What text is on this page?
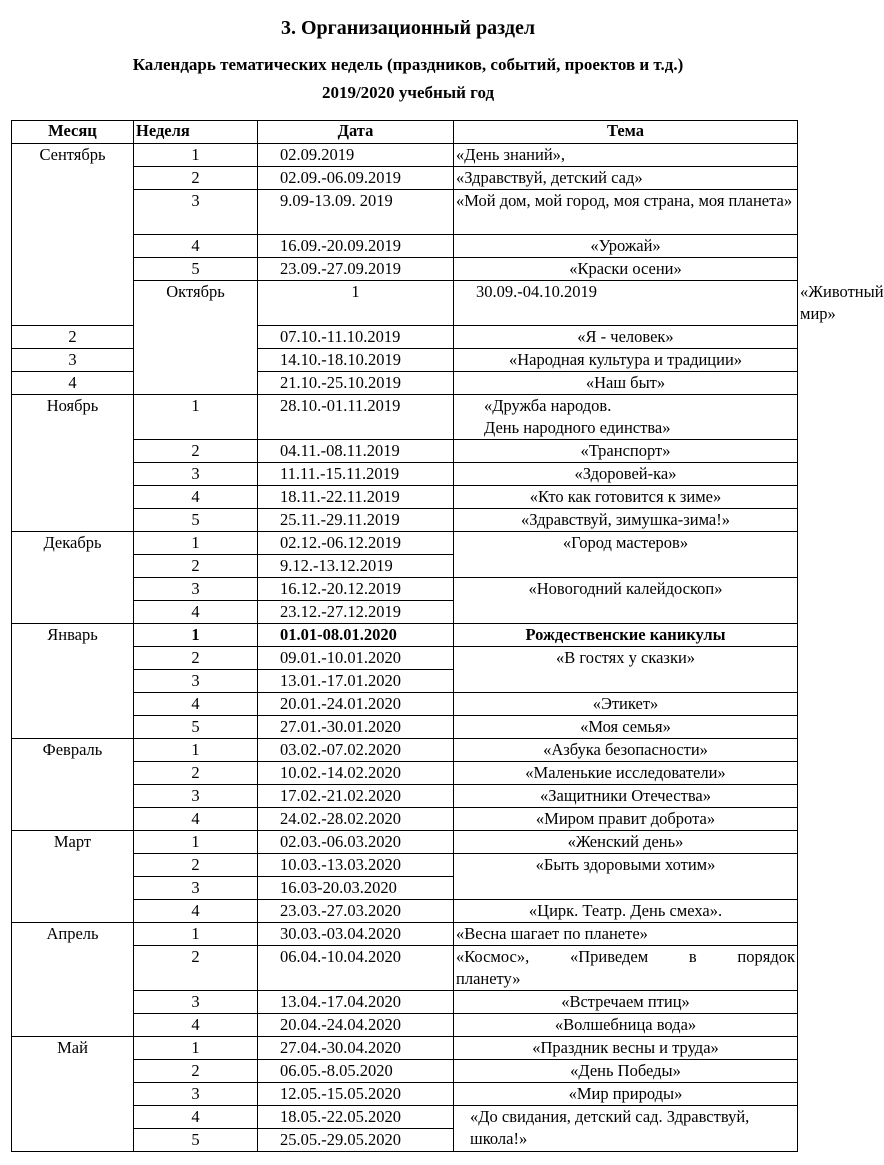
3. Организационный раздел
Календарь тематических недель (праздников, событий, проектов и т.д.)
2019/2020 учебный год
Месяц	Неделя	Дата	Тема	
Сентябрь	1	02.09.2019	«День знаний»,	
	2	02.09.-06.09.2019	«Здравствуй, детский сад»	
	3	9.09-13.09. 2019	«Мой дом, мой город, моя страна, моя планета»	
	4	16.09.-20.09.2019	«Урожай»	
	5	23.09.-27.09.2019	«Краски осени»	
	Октябрь	1	30.09.-04.10.2019	«Животный мир»
2		07.10.-11.10.2019	«Я - человек»	
3		14.10.-18.10.2019	«Народная культура и традиции»	
4		21.10.-25.10.2019	«Наш быт»	
Ноябрь	1	28.10.-01.11.2019	«Дружба народов.
День народного единства»	

	2	04.11.-08.11.2019	«Транспорт»	
	3	11.11.-15.11.2019	«Здоровей-ка»	
	4	18.11.-22.11.2019	«Кто как готовится к зиме»	
	5	25.11.-29.11.2019	«Здравствуй, зимушка-зима!»	
Декабрь	1	02.12.-06.12.2019	«Город мастеров»	
	2	9.12.-13.12.2019		
	3	16.12.-20.12.2019	«Новогодний калейдоскоп»	
	4	23.12.-27.12.2019		
Январь	1	01.01-08.01.2020	Рождественские каникулы	
	2	09.01.-10.01.2020	«В гостях у сказки»	
	3	13.01.-17.01.2020		
	4	20.01.-24.01.2020	«Этикет»	
	5	27.01.-30.01.2020	«Моя семья»	
Февраль	1	03.02.-07.02.2020	«Азбука безопасности»	
	2	10.02.-14.02.2020	«Маленькие исследователи»	
	3	17.02.-21.02.2020	«Защитники Отечества»	
	4	24.02.-28.02.2020	«Миром правит доброта»	
Март	1	02.03.-06.03.2020	«Женский день»	
	2	10.03.-13.03.2020	«Быть здоровыми хотим»	
	3	16.03-20.03.2020		
	4	23.03.-27.03.2020	«Цирк. Театр. День смеха».	
Апрель	1	30.03.-03.04.2020	«Весна шагает по планете»	
	2	06.04.-10.04.2020	«Космос», «Приведем в порядок
планету»	

	3	13.04.-17.04.2020	«Встречаем птиц»	
	4	20.04.-24.04.2020	«Волшебница вода»	
Май	1	27.04.-30.04.2020	«Праздник весны и труда»	
	2	06.05.-8.05.2020	«День Победы»	
	3	12.05.-15.05.2020	«Мир природы»	
	4	18.05.-22.05.2020	«До свидания, детский сад. Здравствуй,
школа!»	

	5	25.05.-29.05.2020		
